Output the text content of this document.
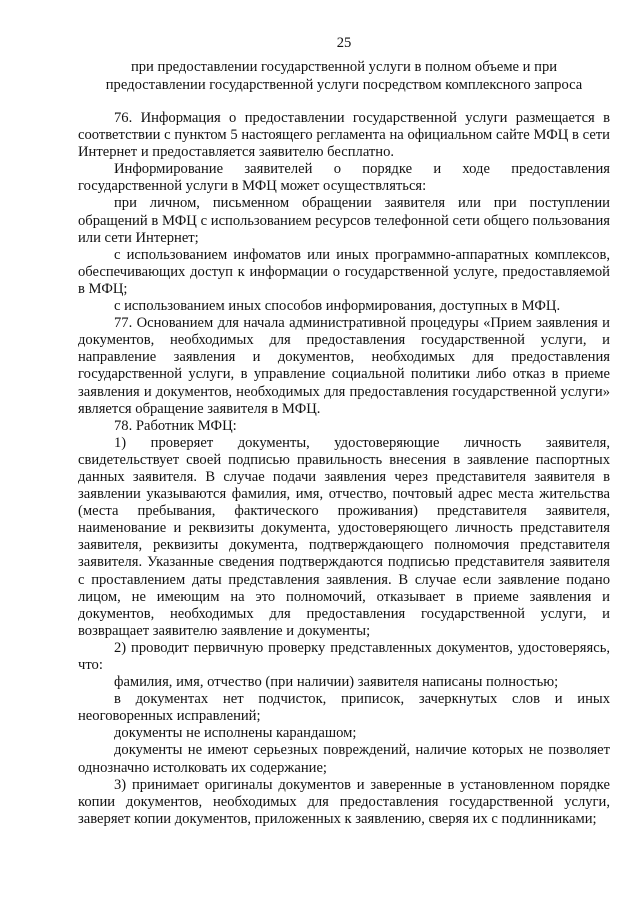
25
при предоставлении государственной услуги в полном объеме и при
предоставлении государственной услуги посредством комплексного запроса

76. Информация о предоставлении государственной услуги размещается в соответствии с пунктом 5 настоящего регламента на официальном сайте МФЦ в сети Интернет и предоставляется заявителю бесплатно.

Информирование заявителей о порядке и ходе предоставления государственной услуги в МФЦ может осуществляться:

при личном, письменном обращении заявителя или при поступлении обращений в МФЦ с использованием ресурсов телефонной сети общего пользования или сети Интернет;

с использованием инфоматов или иных программно-аппаратных комплексов, обеспечивающих доступ к информации о государственной услуге, предоставляемой в МФЦ;

с использованием иных способов информирования, доступных в МФЦ.

77. Основанием для начала административной процедуры «Прием заявления и документов, необходимых для предоставления государственной услуги, и направление заявления и документов, необходимых для предоставления государственной услуги, в управление социальной политики либо отказ в приеме заявления и документов, необходимых для предоставления государственной услуги» является обращение заявителя в МФЦ.

78. Работник МФЦ:

1) проверяет документы, удостоверяющие личность заявителя, свидетельствует своей подписью правильность внесения в заявление паспортных данных заявителя. В случае подачи заявления через представителя заявителя в заявлении указываются фамилия, имя, отчество, почтовый адрес места жительства (места пребывания, фактического проживания) представителя заявителя, наименование и реквизиты документа, удостоверяющего личность представителя заявителя, реквизиты документа, подтверждающего полномочия представителя заявителя. Указанные сведения подтверждаются подписью представителя заявителя с проставлением даты представления заявления. В случае если заявление подано лицом, не имеющим на это полномочий, отказывает в приеме заявления и документов, необходимых для предоставления государственной услуги, и возвращает заявителю заявление и документы;

2) проводит первичную проверку представленных документов, удостоверяясь, что:

фамилия, имя, отчество (при наличии) заявителя написаны полностью;

в документах нет подчисток, приписок, зачеркнутых слов и иных неоговоренных исправлений;

документы не исполнены карандашом;

документы не имеют серьезных повреждений, наличие которых не позволяет однозначно истолковать их содержание;

3) принимает оригиналы документов и заверенные в установленном порядке копии документов, необходимых для предоставления государственной услуги, заверяет копии документов, приложенных к заявлению, сверяя их с подлинниками;
